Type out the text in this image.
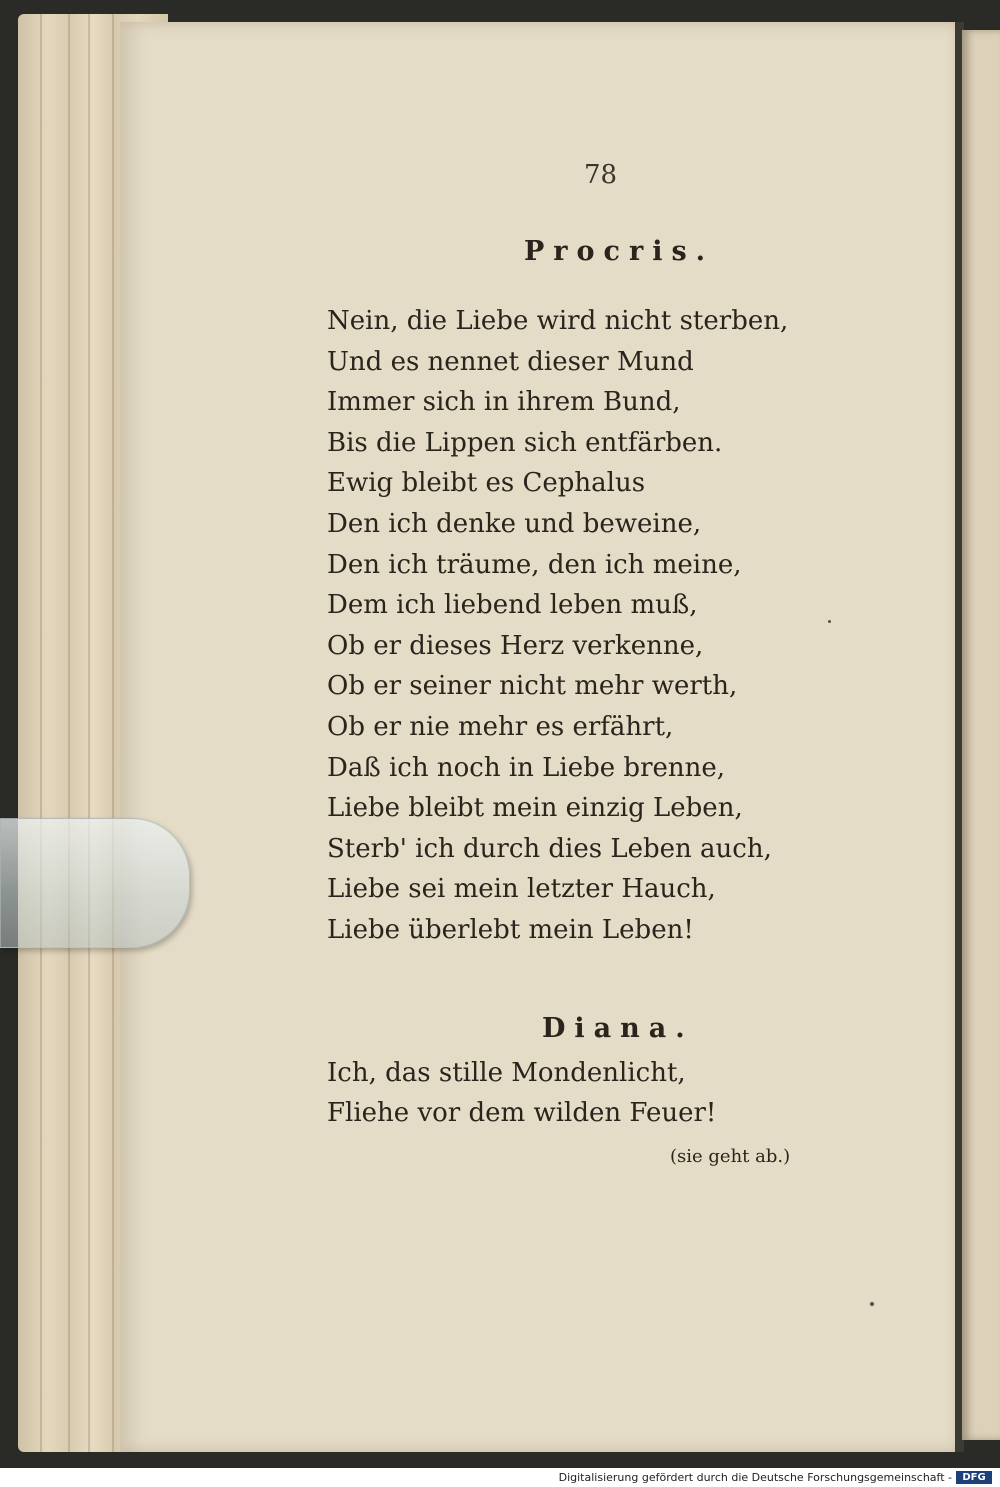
78
Procris.
Nein, die Liebe wird nicht sterben,
Und es nennet dieser Mund
Immer sich in ihrem Bund,
Bis die Lippen sich entfärben.
Ewig bleibt es Cephalus
Den ich denke und beweine,
Den ich träume, den ich meine,
Dem ich liebend leben muß,
Ob er dieses Herz verkenne,
Ob er seiner nicht mehr werth,
Ob er nie mehr es erfährt,
Daß ich noch in Liebe brenne,
Liebe bleibt mein einzig Leben,
Sterb' ich durch dies Leben auch,
Liebe sei mein letzter Hauch,
Liebe überlebt mein Leben!
Diana.
Ich, das stille Mondenlicht,
Fliehe vor dem wilden Feuer!
(sie geht ab.)
Digitalisierung gefördert durch die Deutsche Forschungsgemeinschaft -	DFG
